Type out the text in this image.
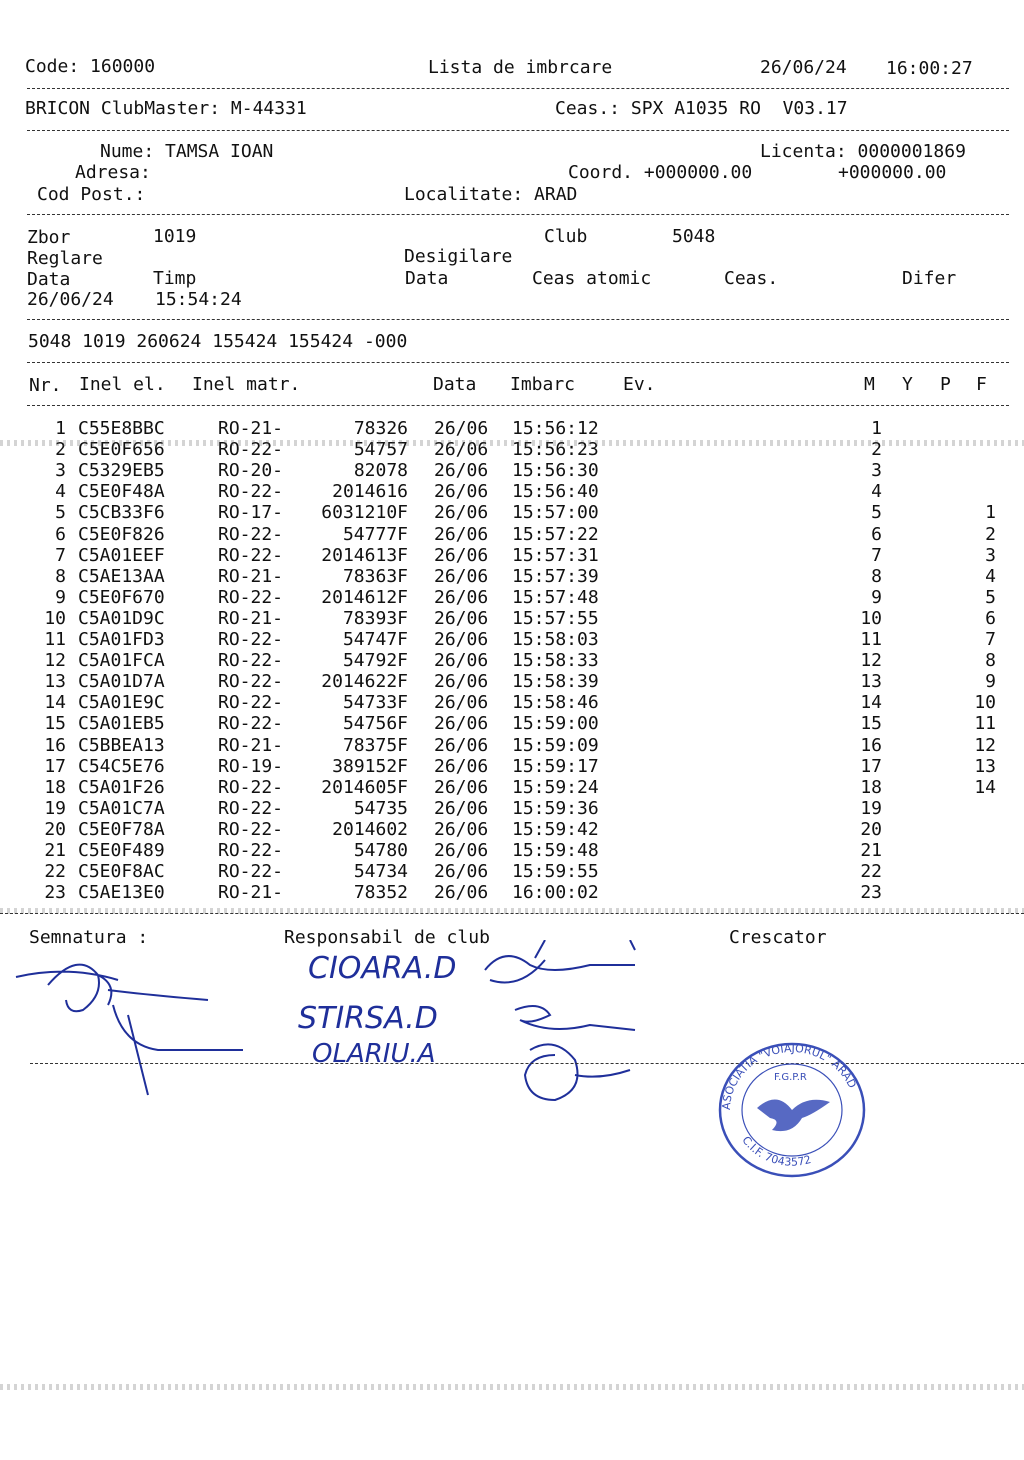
Code: 160000	Lista de imbrcare	26/06/24 16:00:27
BRICON ClubMaster: M-44331	Ceas.: SPX A1035 RO  V03.17
Nume: TAMSA IOAN	Licenta: 0000001869
Adresa:	Coord. +000000.00	+000000.00
Cod Post.:	Localitate: ARAD
Zbor	1019	Club	5048
Reglare	Desigilare
Data	Timp	Data	Ceas atomic	Ceas.	Difer
26/06/24 15:54:24
5048 1019 260624 155424 155424 -000
Nr. Inel el. Inel matr.	Data Imbarc	Ev.	M Y P F
1 C55E8BBC	RO-21-	78326 26/06 15:56:12	1
2 C5E0F656	RO-22-	54757 26/06 15:56:23	2
3 C5329EB5	RO-20-	82078 26/06 15:56:30	3
4 C5E0F48A	RO-22-	2014616 26/06 15:56:40	4
5 C5CB33F6	RO-17-	6031210F 26/06 15:57:00	5	1
6 C5E0F826	RO-22-	54777F 26/06 15:57:22	6	2
7 C5A01EEF	RO-22-	2014613F 26/06 15:57:31	7	3
8 C5AE13AA	RO-21-	78363F 26/06 15:57:39	8	4
9 C5E0F670	RO-22-	2014612F 26/06 15:57:48	9	5
10 C5A01D9C	RO-21-	78393F 26/06 15:57:55	10	6
11 C5A01FD3	RO-22-	54747F 26/06 15:58:03	11	7
12 C5A01FCA	RO-22-	54792F 26/06 15:58:33	12	8
13 C5A01D7A	RO-22-	2014622F 26/06 15:58:39	13	9
14 C5A01E9C	RO-22-	54733F 26/06 15:58:46	14	10
15 C5A01EB5	RO-22-	54756F 26/06 15:59:00	15	11
16 C5BBEA13	RO-21-	78375F 26/06 15:59:09	16	12
17 C54C5E76	RO-19-	389152F 26/06 15:59:17	17	13
18 C5A01F26	RO-22-	2014605F 26/06 15:59:24	18	14
19 C5A01C7A	RO-22-	54735 26/06 15:59:36	19
20 C5E0F78A	RO-22-	2014602 26/06 15:59:42	20
21 C5E0F489	RO-22-	54780 26/06 15:59:48	21
22 C5E0F8AC	RO-22-	54734 26/06 15:59:55	22
23 C5AE13E0	RO-21-	78352 26/06 16:00:02	23
Semnatura :	Responsabil de club	Crescator
CIOARA.D
STIRSA.D
OLARIU.A
ASOCIATIA "VOIAJORUL" ARAD
C.I.F. 7043572
F.G.P.R
